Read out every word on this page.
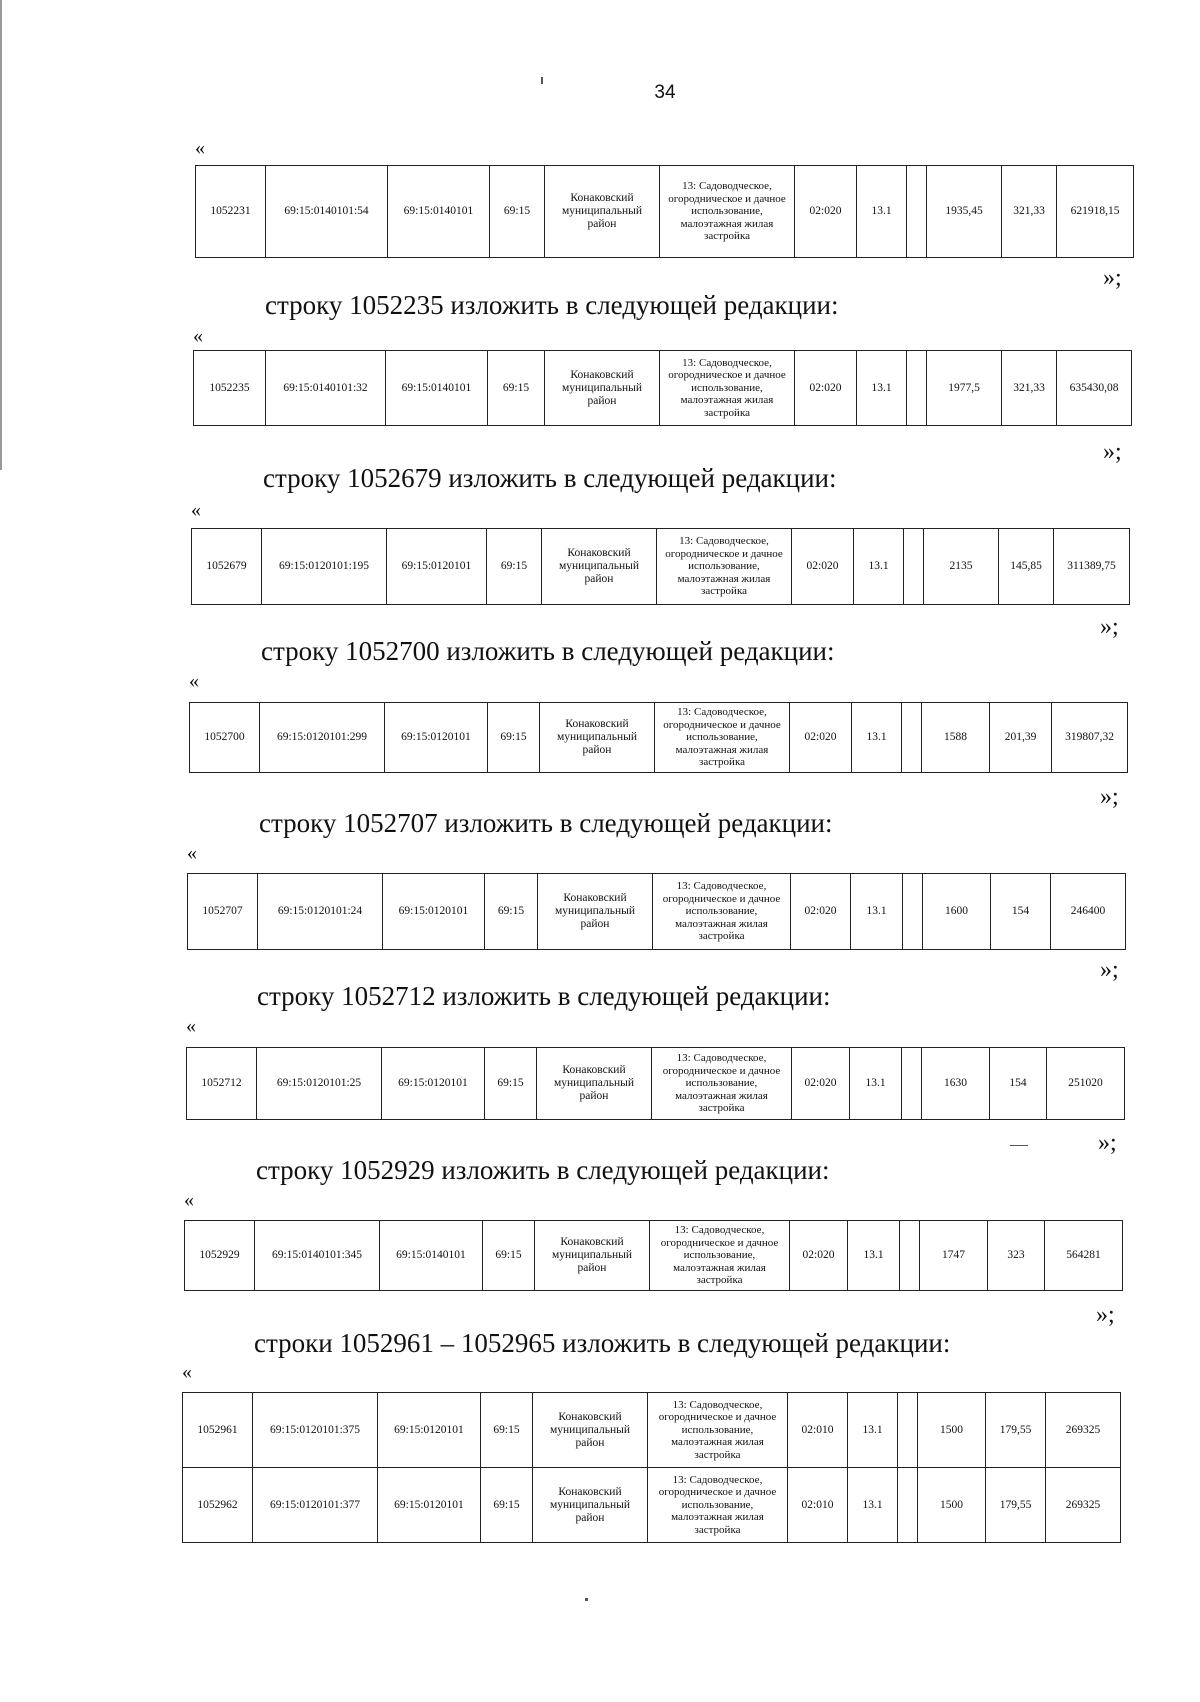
34
«
1052231	69:15:0140101:54	69:15:0140101	69:15	Конаковский муниципальный район	13: Садоводческое, огородническое и дачное использование, малоэтажная жилая застройка	02:020	13.1		1935,45	321,33	621918,15
»;
строку 1052235 изложить в следующей редакции:
«
1052235	69:15:0140101:32	69:15:0140101	69:15	Конаковский муниципальный район	13: Садоводческое, огородническое и дачное использование, малоэтажная жилая застройка	02:020	13.1		1977,5	321,33	635430,08
»;
строку 1052679 изложить в следующей редакции:
«
1052679	69:15:0120101:195	69:15:0120101	69:15	Конаковский муниципальный район	13: Садоводческое, огородническое и дачное использование, малоэтажная жилая застройка	02:020	13.1		2135	145,85	311389,75
»;
строку 1052700 изложить в следующей редакции:
«
1052700	69:15:0120101:299	69:15:0120101	69:15	Конаковский муниципальный район	13: Садоводческое, огородническое и дачное использование, малоэтажная жилая застройка	02:020	13.1		1588	201,39	319807,32
»;
строку 1052707 изложить в следующей редакции:
«
1052707	69:15:0120101:24	69:15:0120101	69:15	Конаковский муниципальный район	13: Садоводческое, огородническое и дачное использование, малоэтажная жилая застройка	02:020	13.1		1600	154	246400
»;
строку 1052712 изложить в следующей редакции:
«
1052712	69:15:0120101:25	69:15:0120101	69:15	Конаковский муниципальный район	13: Садоводческое, огородническое и дачное использование, малоэтажная жилая застройка	02:020	13.1		1630	154	251020
»;
строку 1052929 изложить в следующей редакции:
«
1052929	69:15:0140101:345	69:15:0140101	69:15	Конаковский муниципальный район	13: Садоводческое, огородническое и дачное использование, малоэтажная жилая застройка	02:020	13.1		1747	323	564281
»;
строки 1052961 – 1052965 изложить в следующей редакции:
«
1052961	69:15:0120101:375	69:15:0120101	69:15	Конаковский муниципальный район	13: Садоводческое, огородническое и дачное использование, малоэтажная жилая застройка	02:010	13.1		1500	179,55	269325
1052962	69:15:0120101:377	69:15:0120101	69:15	Конаковский муниципальный район	13: Садоводческое, огородническое и дачное использование, малоэтажная жилая застройка	02:010	13.1		1500	179,55	269325
